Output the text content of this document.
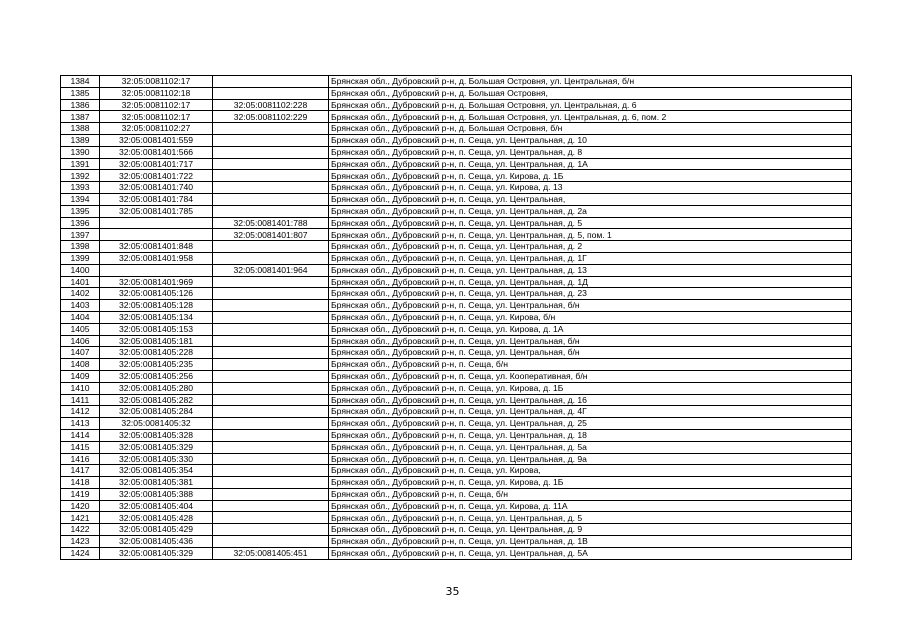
1384	32:05:0081102:17		Брянская обл., Дубровский р-н, д. Большая Островня, ул. Центральная, б/н
1385	32:05:0081102:18		Брянская обл., Дубровский р-н, д. Большая Островня,
1386	32:05:0081102:17	32:05:0081102:228	Брянская обл., Дубровский р-н, д. Большая Островня, ул. Центральная, д. 6
1387	32:05:0081102:17	32:05:0081102:229	Брянская обл., Дубровский р-н, д. Большая Островня, ул. Центральная, д. 6, пом. 2
1388	32:05:0081102:27		Брянская обл., Дубровский р-н, д. Большая Островня, б/н
1389	32:05:0081401:559		Брянская обл., Дубровский р-н, п. Сеща, ул. Центральная, д. 10
1390	32:05:0081401:566		Брянская обл., Дубровский р-н, п. Сеща, ул. Центральная, д. 8
1391	32:05:0081401:717		Брянская обл., Дубровский р-н, п. Сеща, ул. Центральная, д. 1А
1392	32:05:0081401:722		Брянская обл., Дубровский р-н, п. Сеща, ул. Кирова, д. 1Б
1393	32:05:0081401:740		Брянская обл., Дубровский р-н, п. Сеща, ул. Кирова, д. 13
1394	32:05:0081401:784		Брянская обл., Дубровский р-н, п. Сеща, ул. Центральная,
1395	32:05:0081401:785		Брянская обл., Дубровский р-н, п. Сеща, ул. Центральная, д. 2а
1396		32:05:0081401:788	Брянская обл., Дубровский р-н, п. Сеща, ул. Центральная, д. 5
1397		32:05:0081401:807	Брянская обл., Дубровский р-н, п. Сеща, ул. Центральная, д. 5, пом. 1
1398	32:05:0081401:848		Брянская обл., Дубровский р-н, п. Сеща, ул. Центральная, д. 2
1399	32:05:0081401:958		Брянская обл., Дубровский р-н, п. Сеща, ул. Центральная, д. 1Г
1400		32:05:0081401:964	Брянская обл., Дубровский р-н, п. Сеща, ул. Центральная, д. 13
1401	32:05:0081401:969		Брянская обл., Дубровский р-н, п. Сеща, ул. Центральная, д. 1Д
1402	32:05:0081405:126		Брянская обл., Дубровский р-н, п. Сеща, ул. Центральная, д. 23
1403	32:05:0081405:128		Брянская обл., Дубровский р-н, п. Сеща, ул. Центральная, б/н
1404	32:05:0081405:134		Брянская обл., Дубровский р-н, п. Сеща, ул. Кирова, б/н
1405	32:05:0081405:153		Брянская обл., Дубровский р-н, п. Сеща, ул. Кирова, д. 1А
1406	32:05:0081405:181		Брянская обл., Дубровский р-н, п. Сеща, ул. Центральная, б/н
1407	32:05:0081405:228		Брянская обл., Дубровский р-н, п. Сеща, ул. Центральная, б/н
1408	32:05:0081405:235		Брянская обл., Дубровский р-н, п. Сеща, б/н
1409	32:05:0081405:256		Брянская обл., Дубровский р-н, п. Сеща, ул. Кооперативная, б/н
1410	32:05:0081405:280		Брянская обл., Дубровский р-н, п. Сеща, ул. Кирова, д. 1Б
1411	32:05:0081405:282		Брянская обл., Дубровский р-н, п. Сеща, ул. Центральная, д. 16
1412	32:05:0081405:284		Брянская обл., Дубровский р-н, п. Сеща, ул. Центральная, д. 4Г
1413	32:05:0081405:32		Брянская обл., Дубровский р-н, п. Сеща, ул. Центральная, д. 25
1414	32:05:0081405:328		Брянская обл., Дубровский р-н, п. Сеща, ул. Центральная, д. 18
1415	32:05:0081405:329		Брянская обл., Дубровский р-н, п. Сеща, ул. Центральная, д. 5а
1416	32:05:0081405:330		Брянская обл., Дубровский р-н, п. Сеща, ул. Центральная, д. 9а
1417	32:05:0081405:354		Брянская обл., Дубровский р-н, п. Сеща, ул. Кирова,
1418	32:05:0081405:381		Брянская обл., Дубровский р-н, п. Сеща, ул. Кирова, д. 1Б
1419	32:05:0081405:388		Брянская обл., Дубровский р-н, п. Сеща, б/н
1420	32:05:0081405:404		Брянская обл., Дубровский р-н, п. Сеща, ул. Кирова, д. 11А
1421	32:05:0081405:428		Брянская обл., Дубровский р-н, п. Сеща, ул. Центральная, д. 5
1422	32:05:0081405:429		Брянская обл., Дубровский р-н, п. Сеща, ул. Центральная, д. 9
1423	32:05:0081405:436		Брянская обл., Дубровский р-н, п. Сеща, ул. Центральная, д. 1В
1424	32:05:0081405:329	32:05:0081405:451	Брянская обл., Дубровский р-н, п. Сеща, ул. Центральная, д. 5А
35
